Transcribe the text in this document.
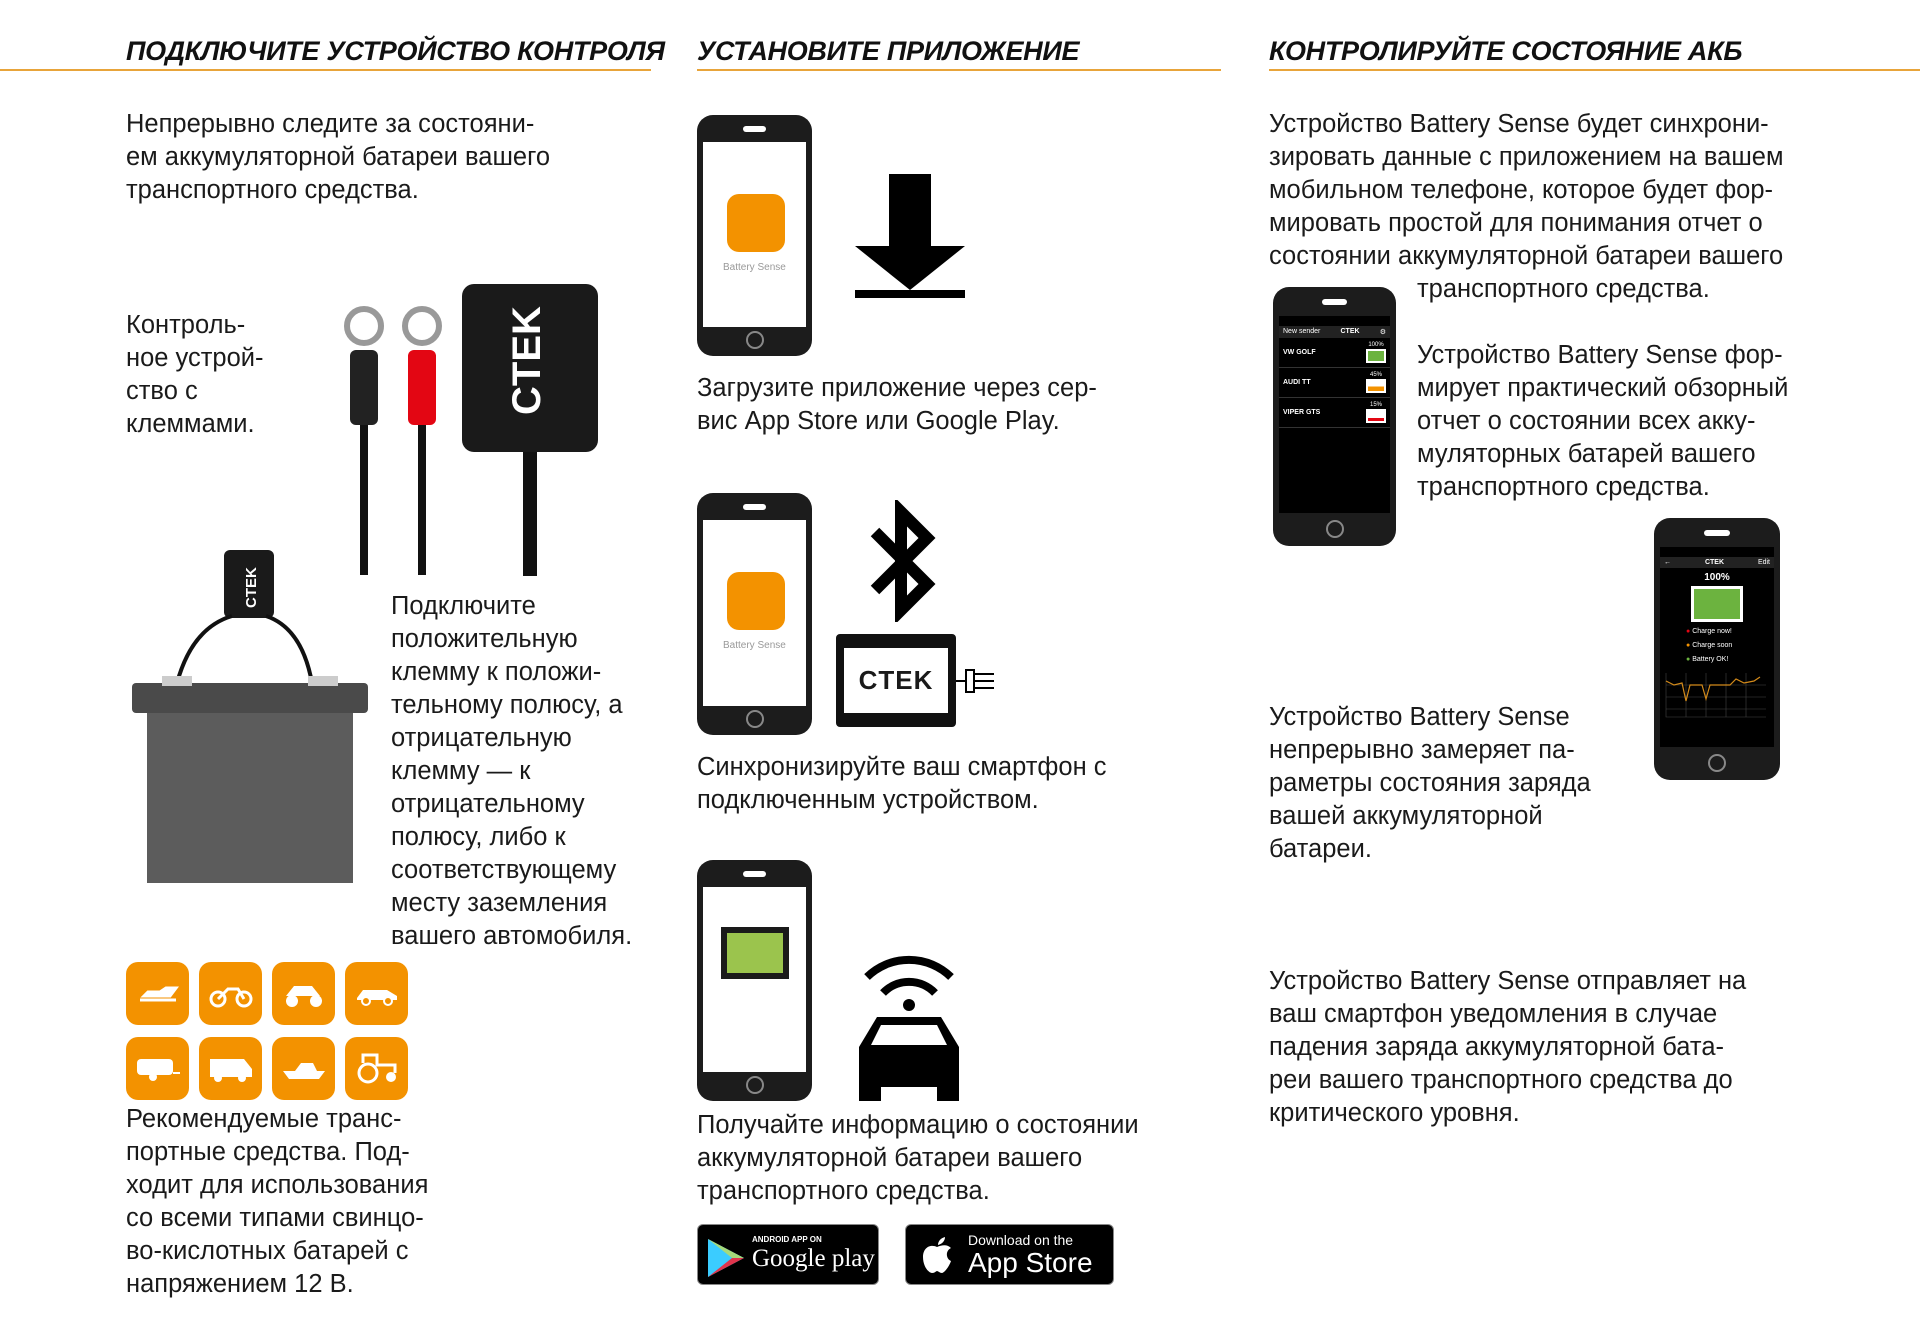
ПОДКЛЮЧИТЕ УСТРОЙСТВО КОНТРОЛЯ УСТАНОВИТЕ ПРИЛОЖЕНИЕ	КОНТРОЛИРУЙТЕ СОСТОЯНИЕ АКБ
Непрерывно следите за состояни-
ем аккумуляторной батареи вашего
транспортного средства.
Контроль-
ное устрой-
ство с
клеммами.
CTEK
CTEK	Подключите
положительную
клемму к положи-
тельному полюсу, а
отрицательную
клемму — к
отрицательному
полюсу, либо к
соответствующему
месту заземления
вашего автомобиля.
Рекомендуемые транс-
портные средства. Под-
ходит для использования
со всеми типами свинцо-
во-кислотных батарей с
напряжением 12 В.
Battery Sense
Загрузите приложение через сер-
вис App Store или Google Play.
Battery Sense
CTEK
Синхронизируйте ваш смартфон с
подключенным устройством.
Получайте информацию о состоянии
аккумуляторной батареи вашего
транспортного средства.
ANDROID APP ON
Google play
Download on the
App Store
Устройство Battery Sense будет синхрони-
зировать данные с приложением на вашем
мобильном телефоне, которое будет фор-
мировать простой для понимания отчет о
состоянии аккумуляторной батареи вашего
транспортного средства.
New sender	CTEK	⚙
VW GOLF
100%
AUDI TT
45%
VIPER GTS
15%
Устройство Battery Sense фор-
мирует практический обзорный
отчет о состоянии всех акку-
муляторных батарей вашего
транспортного средства.
←	CTEK	Edit
100%
● Charge now!
● Charge soon
● Battery OK!
Устройство Battery Sense
непрерывно замеряет па-
раметры состояния заряда
вашей аккумуляторной
батареи.
Устройство Battery Sense отправляет на
ваш смартфон уведомления в случае
падения заряда аккумуляторной бата-
реи вашего транспортного средства до
критического уровня.
